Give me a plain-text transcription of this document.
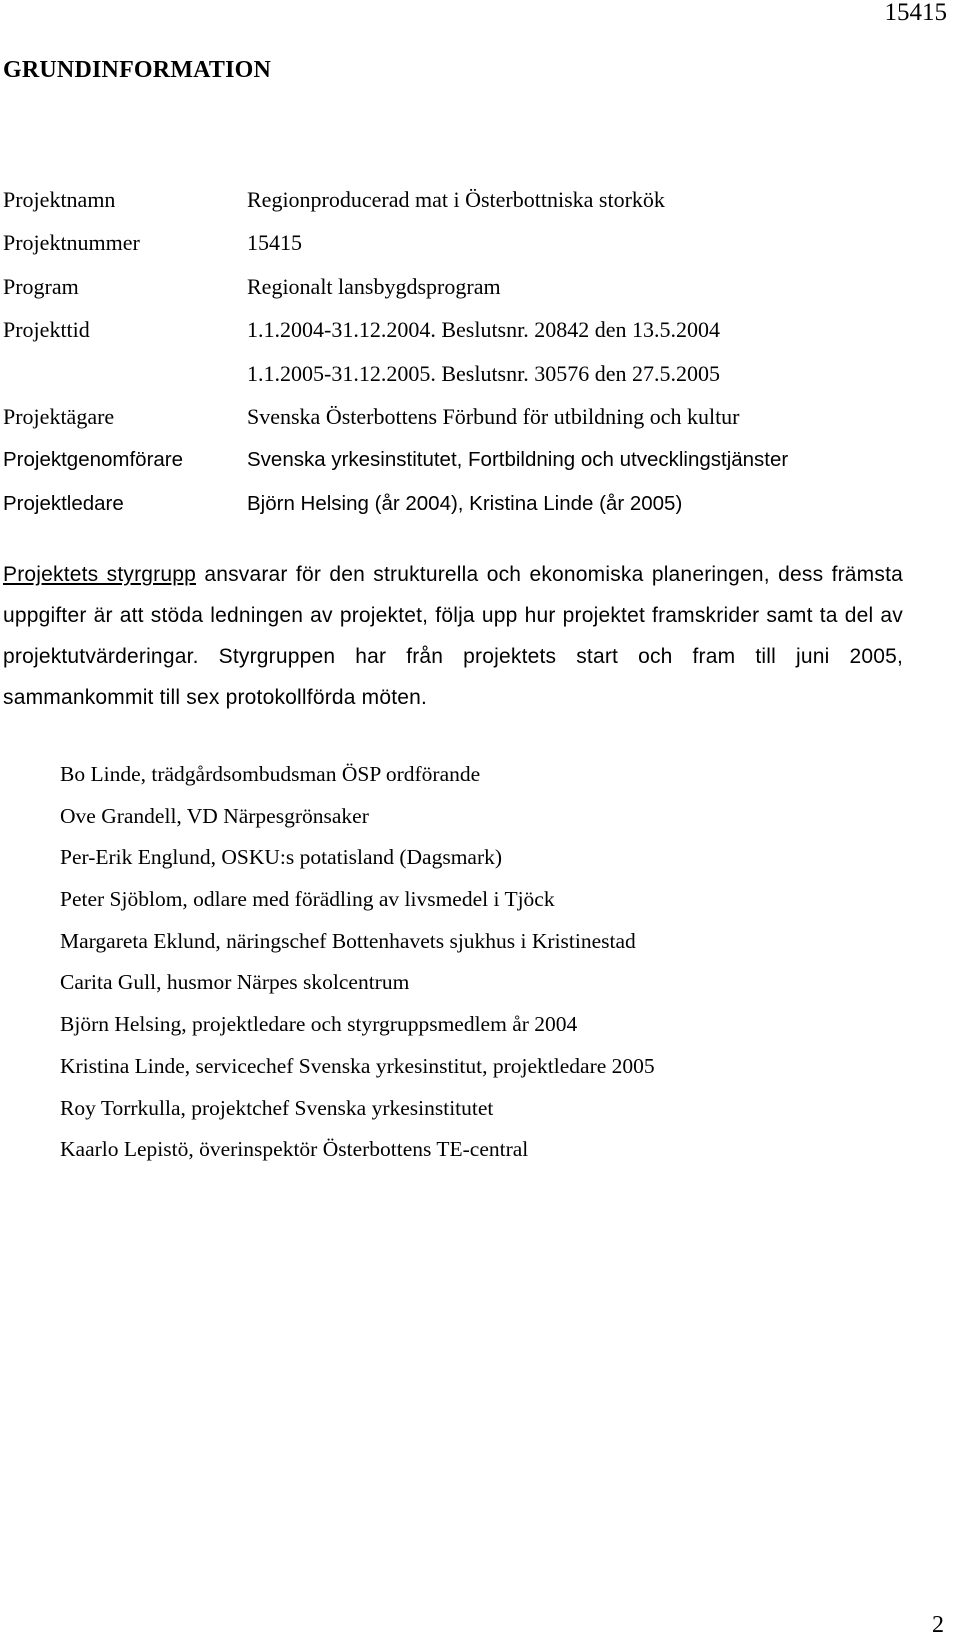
15415
GRUNDINFORMATION
Projektnamn	Regionproducerad mat i Österbottniska storkök
Projektnummer	15415
Program	Regionalt lansbygdsprogram
Projekttid	1.1.2004-31.12.2004. Beslutsnr. 20842 den 13.5.2004
1.1.2005-31.12.2005. Beslutsnr. 30576 den 27.5.2005
Projektägare	Svenska Österbottens Förbund för utbildning och kultur
Projektgenomförare	Svenska yrkesinstitutet, Fortbildning och utvecklingstjänster
Projektledare	Björn Helsing (år 2004), Kristina Linde (år 2005)
Projektets styrgrupp ansvarar för den strukturella och ekonomiska planeringen, dess främsta uppgifter är att stöda ledningen av projektet, följa upp hur projektet framskrider samt ta del av projektutvärderingar. Styrgruppen har från projektets start och fram till juni 2005, sammankommit till sex protokollförda möten.
Bo Linde, trädgårdsombudsman ÖSP ordförande
Ove Grandell, VD Närpesgrönsaker
Per-Erik Englund, OSKU:s potatisland (Dagsmark)
Peter Sjöblom, odlare med förädling av livsmedel i Tjöck
Margareta Eklund, näringschef Bottenhavets sjukhus i Kristinestad
Carita Gull, husmor Närpes skolcentrum
Björn Helsing, projektledare och styrgruppsmedlem år 2004
Kristina Linde, servicechef Svenska yrkesinstitut, projektledare 2005
Roy Torrkulla, projektchef Svenska yrkesinstitutet
Kaarlo Lepistö, överinspektör Österbottens TE-central
2
